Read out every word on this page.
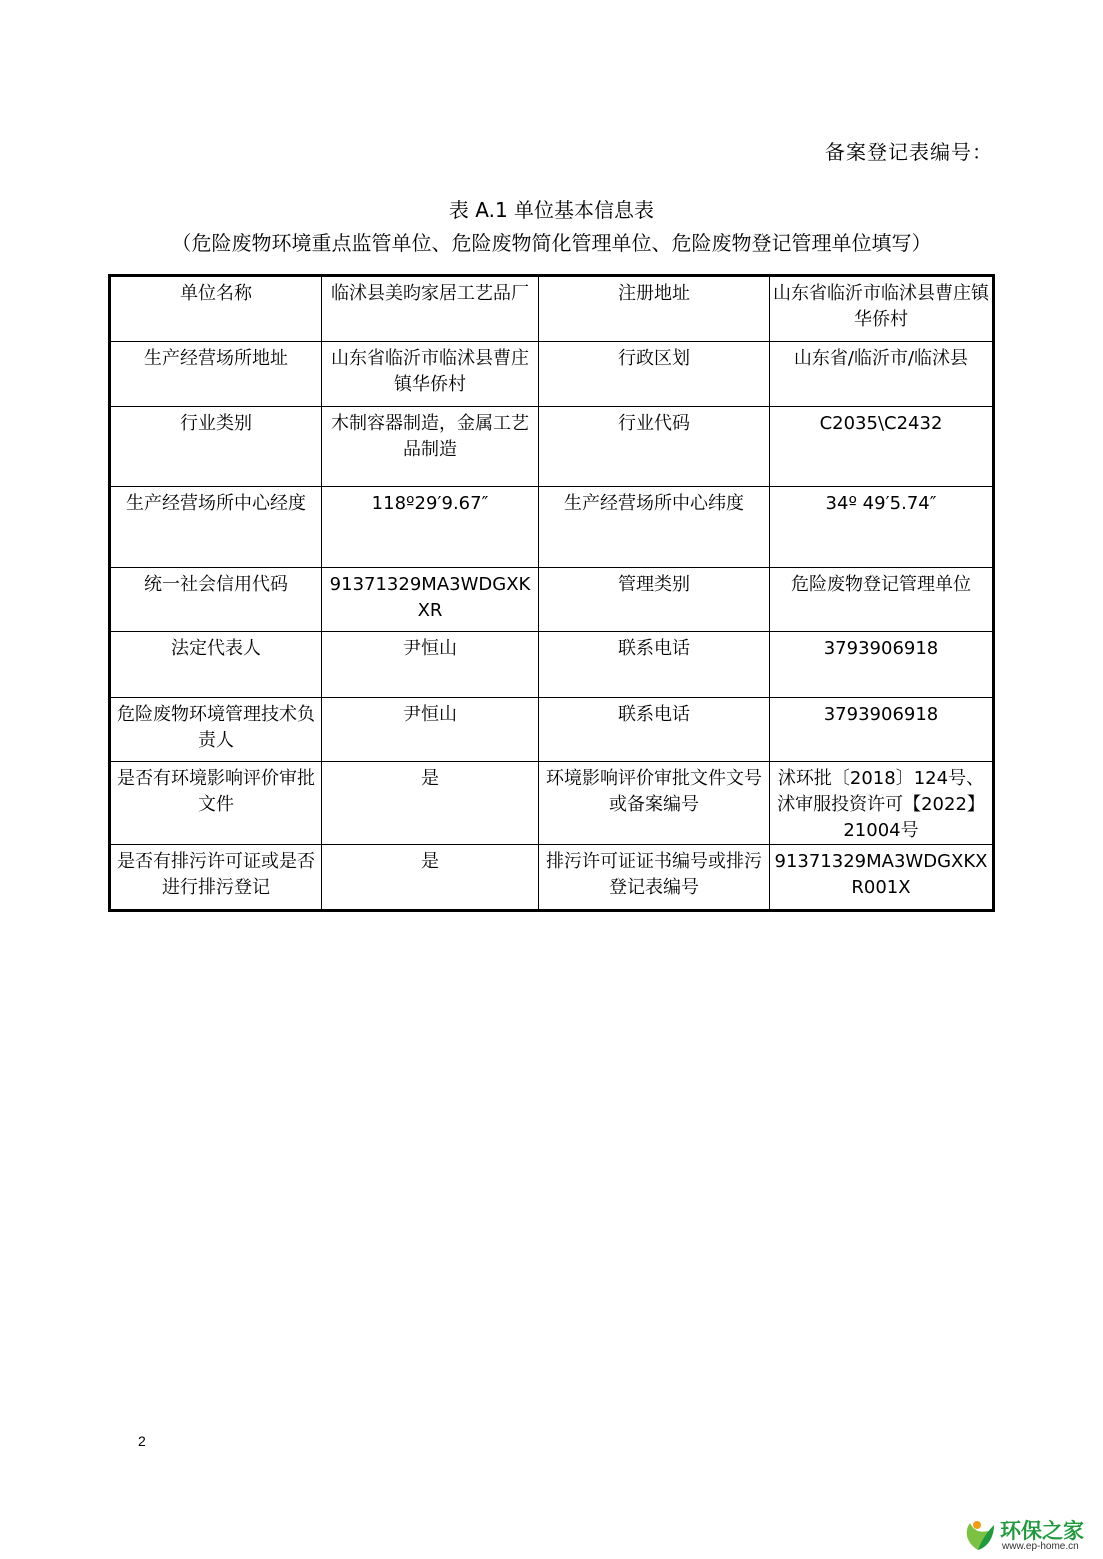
备案登记表编号：
表 A.1 单位基本信息表
（危险废物环境重点监管单位、危险废物简化管理单位、危险废物登记管理单位填写）
单位名称	临沭县美昀家居工艺品厂	注册地址	山东省临沂市临沭县曹庄镇华侨村
生产经营场所地址	山东省临沂市临沭县曹庄镇华侨村	行政区划	山东省/临沂市/临沭县
行业类别	木制容器制造，金属工艺品制造	行业代码	C2035\C2432
生产经营场所中心经度	118º29′9.67″	生产经营场所中心纬度	34º 49′5.74″
统一社会信用代码	91371329MA3WDGXKXR	管理类别	危险废物登记管理单位
法定代表人	尹恒山	联系电话	3793906918
危险废物环境管理技术负责人	尹恒山	联系电话	3793906918
是否有环境影响评价审批文件	是	环境影响评价审批文件文号或备案编号	沭环批〔2018〕124号、沭审服投资许可【2022】21004号
是否有排污许可证或是否进行排污登记	是	排污许可证证书编号或排污登记表编号	91371329MA3WDGXKXR001X
2
环保之家
www.ep-home.cn
